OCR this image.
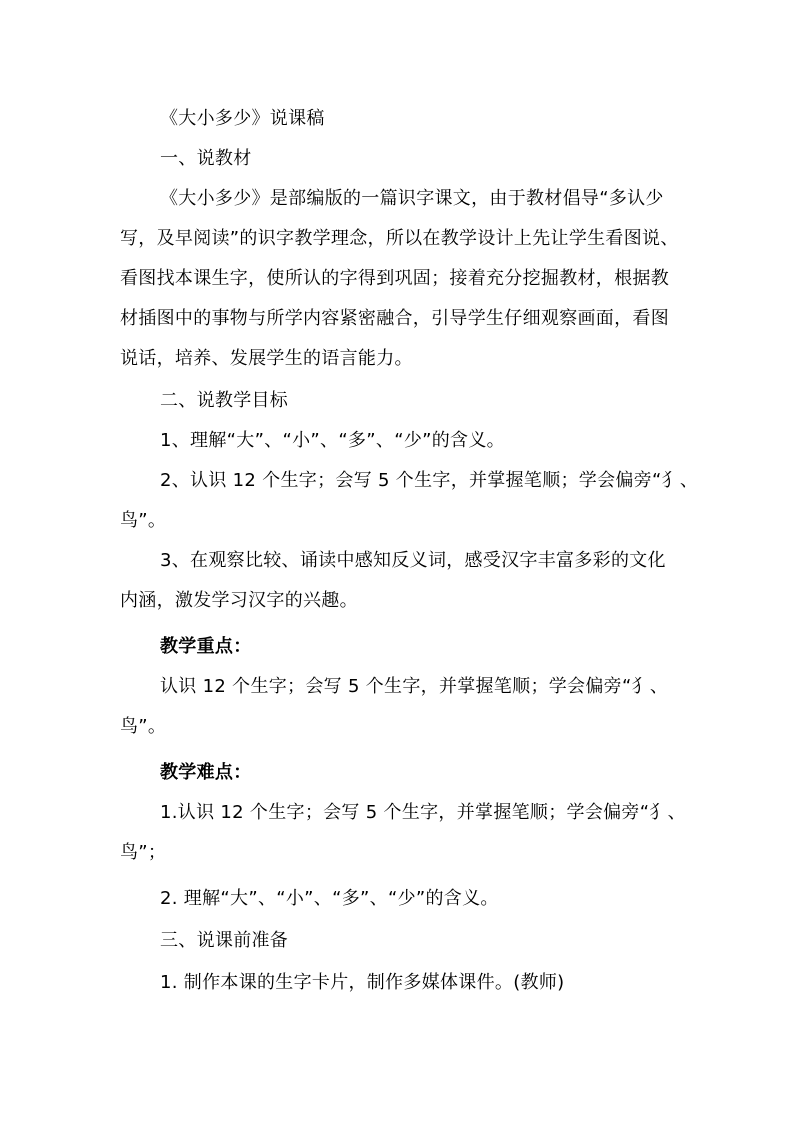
《大小多少》说课稿
一、说教材
《大小多少》是部编版的一篇识字课文，由于教材倡导“多认少
写，及早阅读”的识字教学理念，所以在教学设计上先让学生看图说、
看图找本课生字，使所认的字得到巩固；接着充分挖掘教材，根据教
材插图中的事物与所学内容紧密融合，引导学生仔细观察画面，看图
说话，培养、发展学生的语言能力。
二、说教学目标
1、理解“大”、“小”、“多”、“少”的含义。
2、认识 12 个生字；会写 5 个生字，并掌握笔顺；学会偏旁“犭、
鸟”。
3、在观察比较、诵读中感知反义词，感受汉字丰富多彩的文化
内涵，激发学习汉字的兴趣。
教学重点：
认识 12 个生字；会写 5 个生字，并掌握笔顺；学会偏旁“犭、
鸟”。
教学难点：
1.认识 12 个生字；会写 5 个生字，并掌握笔顺；学会偏旁“犭、
鸟”；
2. 理解“大”、“小”、“多”、“少”的含义。
三、说课前准备
1. 制作本课的生字卡片，制作多媒体课件。(教师)
